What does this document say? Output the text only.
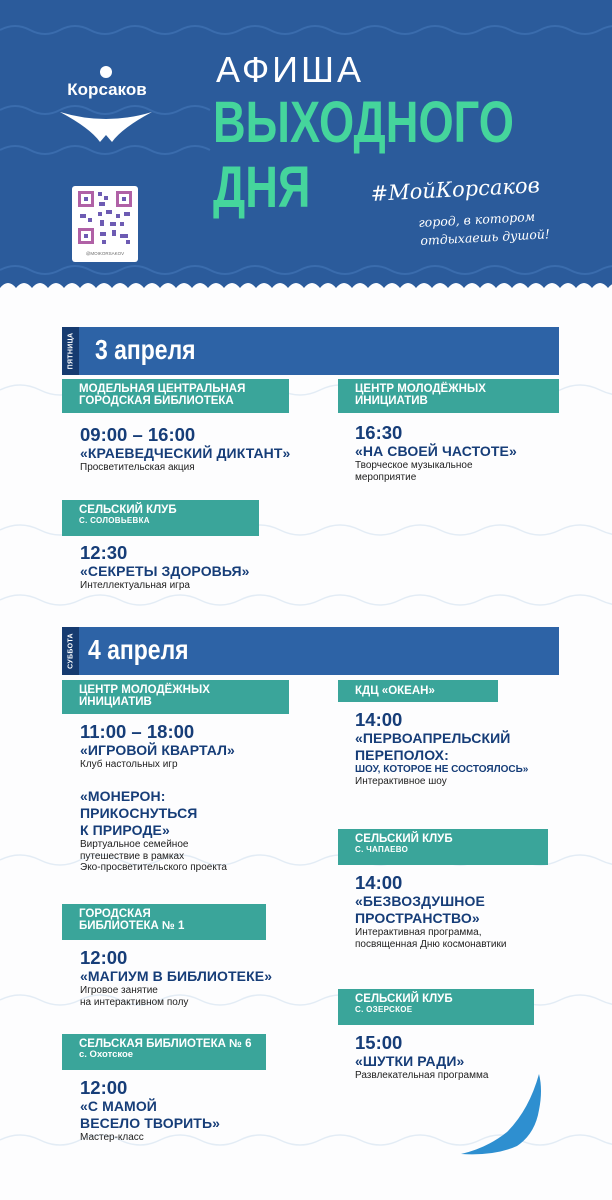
Корсаков
@MOIKORSAKOV
АФИША
ВЫХОДНОГО
ДНЯ	#МойКорсаков
город, в котором
отдыхаешь душой!
ПЯТНИЦА 3 апреля
МОДЕЛЬНАЯ ЦЕНТРАЛЬНАЯ
ГОРОДСКАЯ БИБЛИОТЕКА
09:00 – 16:00
«КРАЕВЕДЧЕСКИЙ ДИКТАНТ»
Просветительская акция
ЦЕНТР МОЛОДЁЖНЫХ
ИНИЦИАТИВ
16:30
«НА СВОЕЙ ЧАСТОТЕ»
Творческое музыкальное
мероприятие
СЕЛЬСКИЙ КЛУБ
С. СОЛОВЬЕВКА
12:30
«СЕКРЕТЫ ЗДОРОВЬЯ»
Интеллектуальная игра
СУББОТА 4 апреля
ЦЕНТР МОЛОДЁЖНЫХ
ИНИЦИАТИВ
11:00 – 18:00
«ИГРОВОЙ КВАРТАЛ»
Клуб настольных игр
«МОНЕРОН:
ПРИКОСНУТЬСЯ
К ПРИРОДЕ»
Виртуальное семейное
путешествие в рамках
Эко-просветительского проекта
ГОРОДСКАЯ
БИБЛИОТЕКА № 1
12:00
«МАГИУМ В БИБЛИОТЕКЕ»
Игровое занятие
на интерактивном полу
СЕЛЬСКАЯ БИБЛИОТЕКА № 6
с. Охотское
12:00
«С МАМОЙ
ВЕСЕЛО ТВОРИТЬ»
Мастер-класс
КДЦ «ОКЕАН»
14:00
«ПЕРВОАПРЕЛЬСКИЙ
ПЕРЕПОЛОХ:
ШОУ, КОТОРОЕ НЕ СОСТОЯЛОСЬ»
Интерактивное шоу
СЕЛЬСКИЙ КЛУБ
С. ЧАПАЕВО
14:00
«БЕЗВОЗДУШНОЕ
ПРОСТРАНСТВО»
Интерактивная программа,
посвященная Дню космонавтики
СЕЛЬСКИЙ КЛУБ
С. ОЗЕРСКОЕ
15:00
«ШУТКИ РАДИ»
Развлекательная программа
